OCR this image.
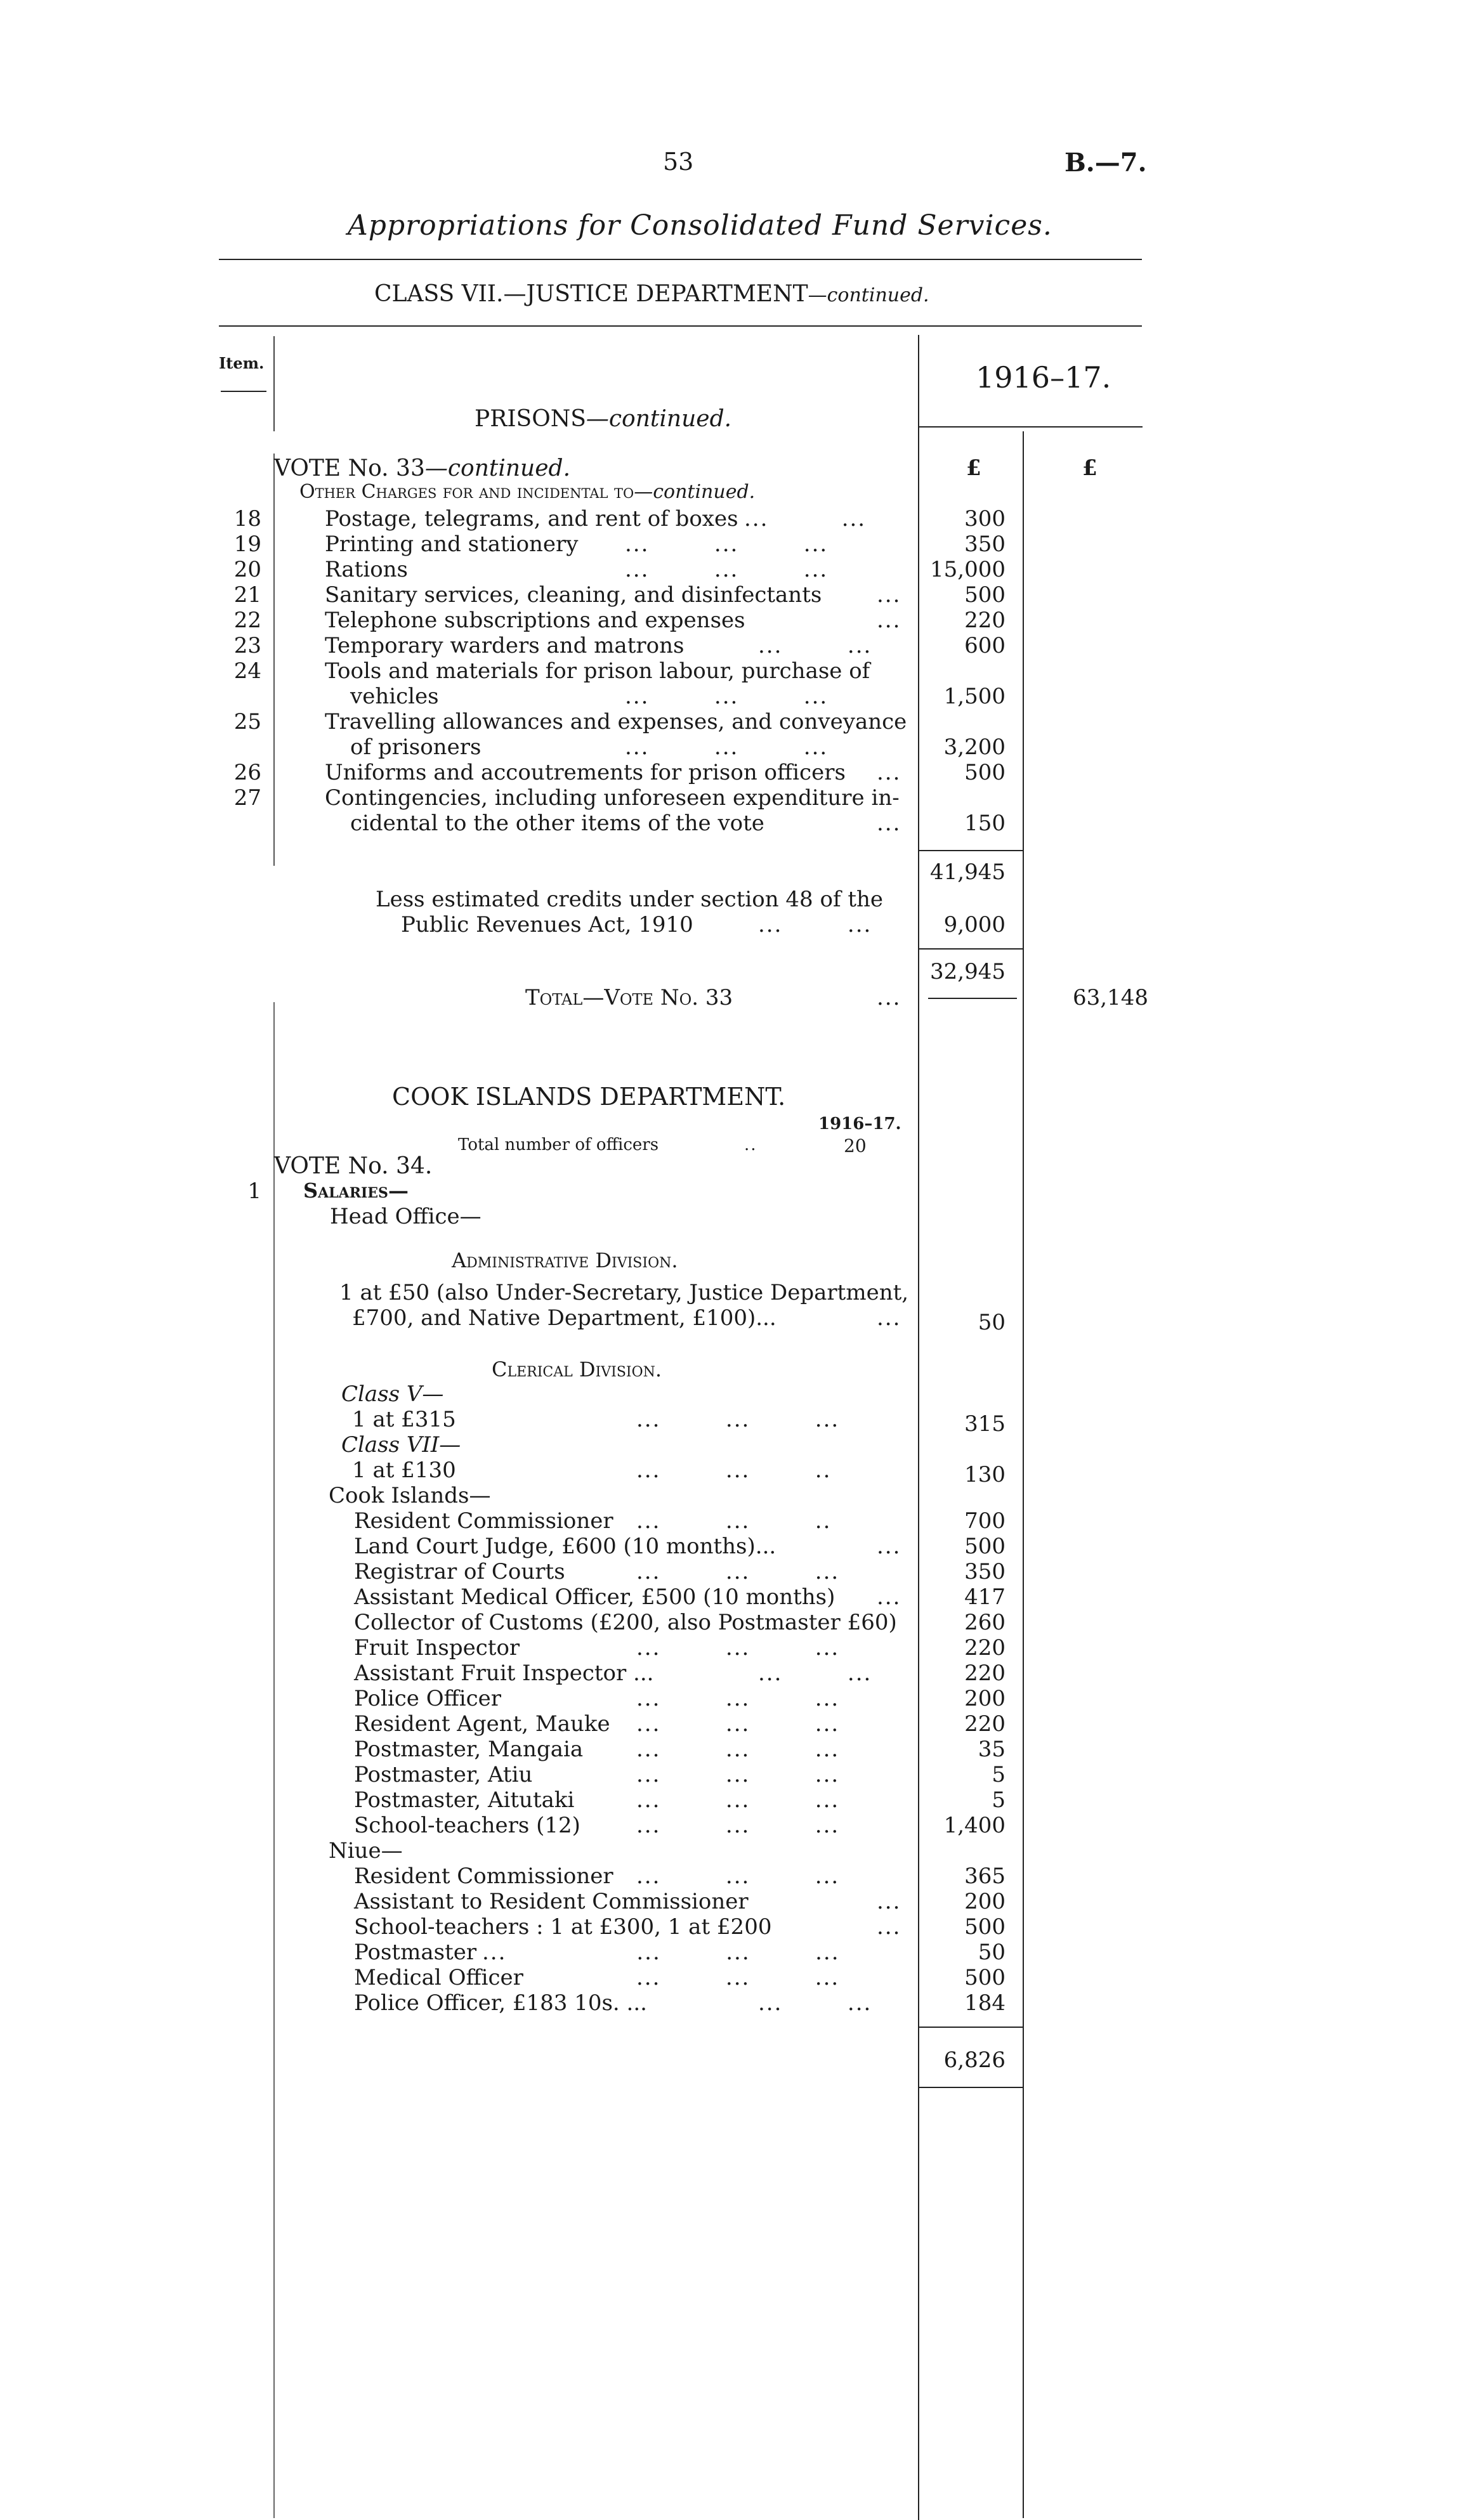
53	B.—7.
Appropriations for Consolidated Fund Services.
CLASS VII.—JUSTICE DEPARTMENT—continued.
Item.	1916–17.
£	£
PRISONS—continued.
VOTE No. 33—continued.
Other Charges for and incidental to—continued.
18	Postage, telegrams, and rent of boxes ...         ...	300
19	Printing and stationery ...        ...        ...	350
20	Rations	...        ...        ...	15,000
21	Sanitary services, cleaning, and disinfectants	...	500
22	Telephone subscriptions and expenses	...	220
23	Temporary warders and matrons	...        ...	600
24	Tools and materials for prison labour, purchase of
vehicles	...        ...        ...	1,500
25	Travelling allowances and expenses, and conveyance
of prisoners	...        ...        ...	3,200
26	Uniforms and accoutrements for prison officers ...	500
27	Contingencies, including unforeseen expenditure in-
cidental to the other items of the vote	...	150
41,945
Less estimated credits under section 48 of the
Public Revenues Act, 1910	...        ...	9,000
32,945
Total—Vote No. 33	...	63,148
COOK ISLANDS DEPARTMENT.
1916–17.
Total number of officers	..	20
VOTE No. 34.
1 Salaries—
Head Office—
Administrative Division.
1 at £50 (also Under-Secretary, Justice Department,
£700, and Native Department, £100)...	...	50
Clerical Division.
Class V—
1 at £315	...        ...        ...	315
Class VII—
1 at £130	...        ...        ..	130
Cook Islands—
Resident Commissioner ...        ...        ..	700
Land Court Judge, £600 (10 months)...	...	500
Registrar of Courts	...        ...        ...	350
Assistant Medical Officer, £500 (10 months) ...	417
Collector of Customs (£200, also Postmaster £60)	260
Fruit Inspector	...        ...        ...	220
Assistant Fruit Inspector ...	...        ...	220
Police Officer	...        ...        ...	200
Resident Agent, Mauke ...        ...        ...	220
Postmaster, Mangaia ...        ...        ...	35
Postmaster, Atiu	...        ...        ...	5
Postmaster, Aitutaki	...        ...        ...	5
School-teachers (12)	...        ...        ...	1,400
Niue—
Resident Commissioner ...        ...        ...	365
Assistant to Resident Commissioner	...	200
School-teachers : 1 at £300, 1 at £200	...	500
Postmaster ...                ...        ...        ...	50
Medical Officer	...        ...        ...	500
Police Officer, £183 10s. ...	...        ...	184
6,826
